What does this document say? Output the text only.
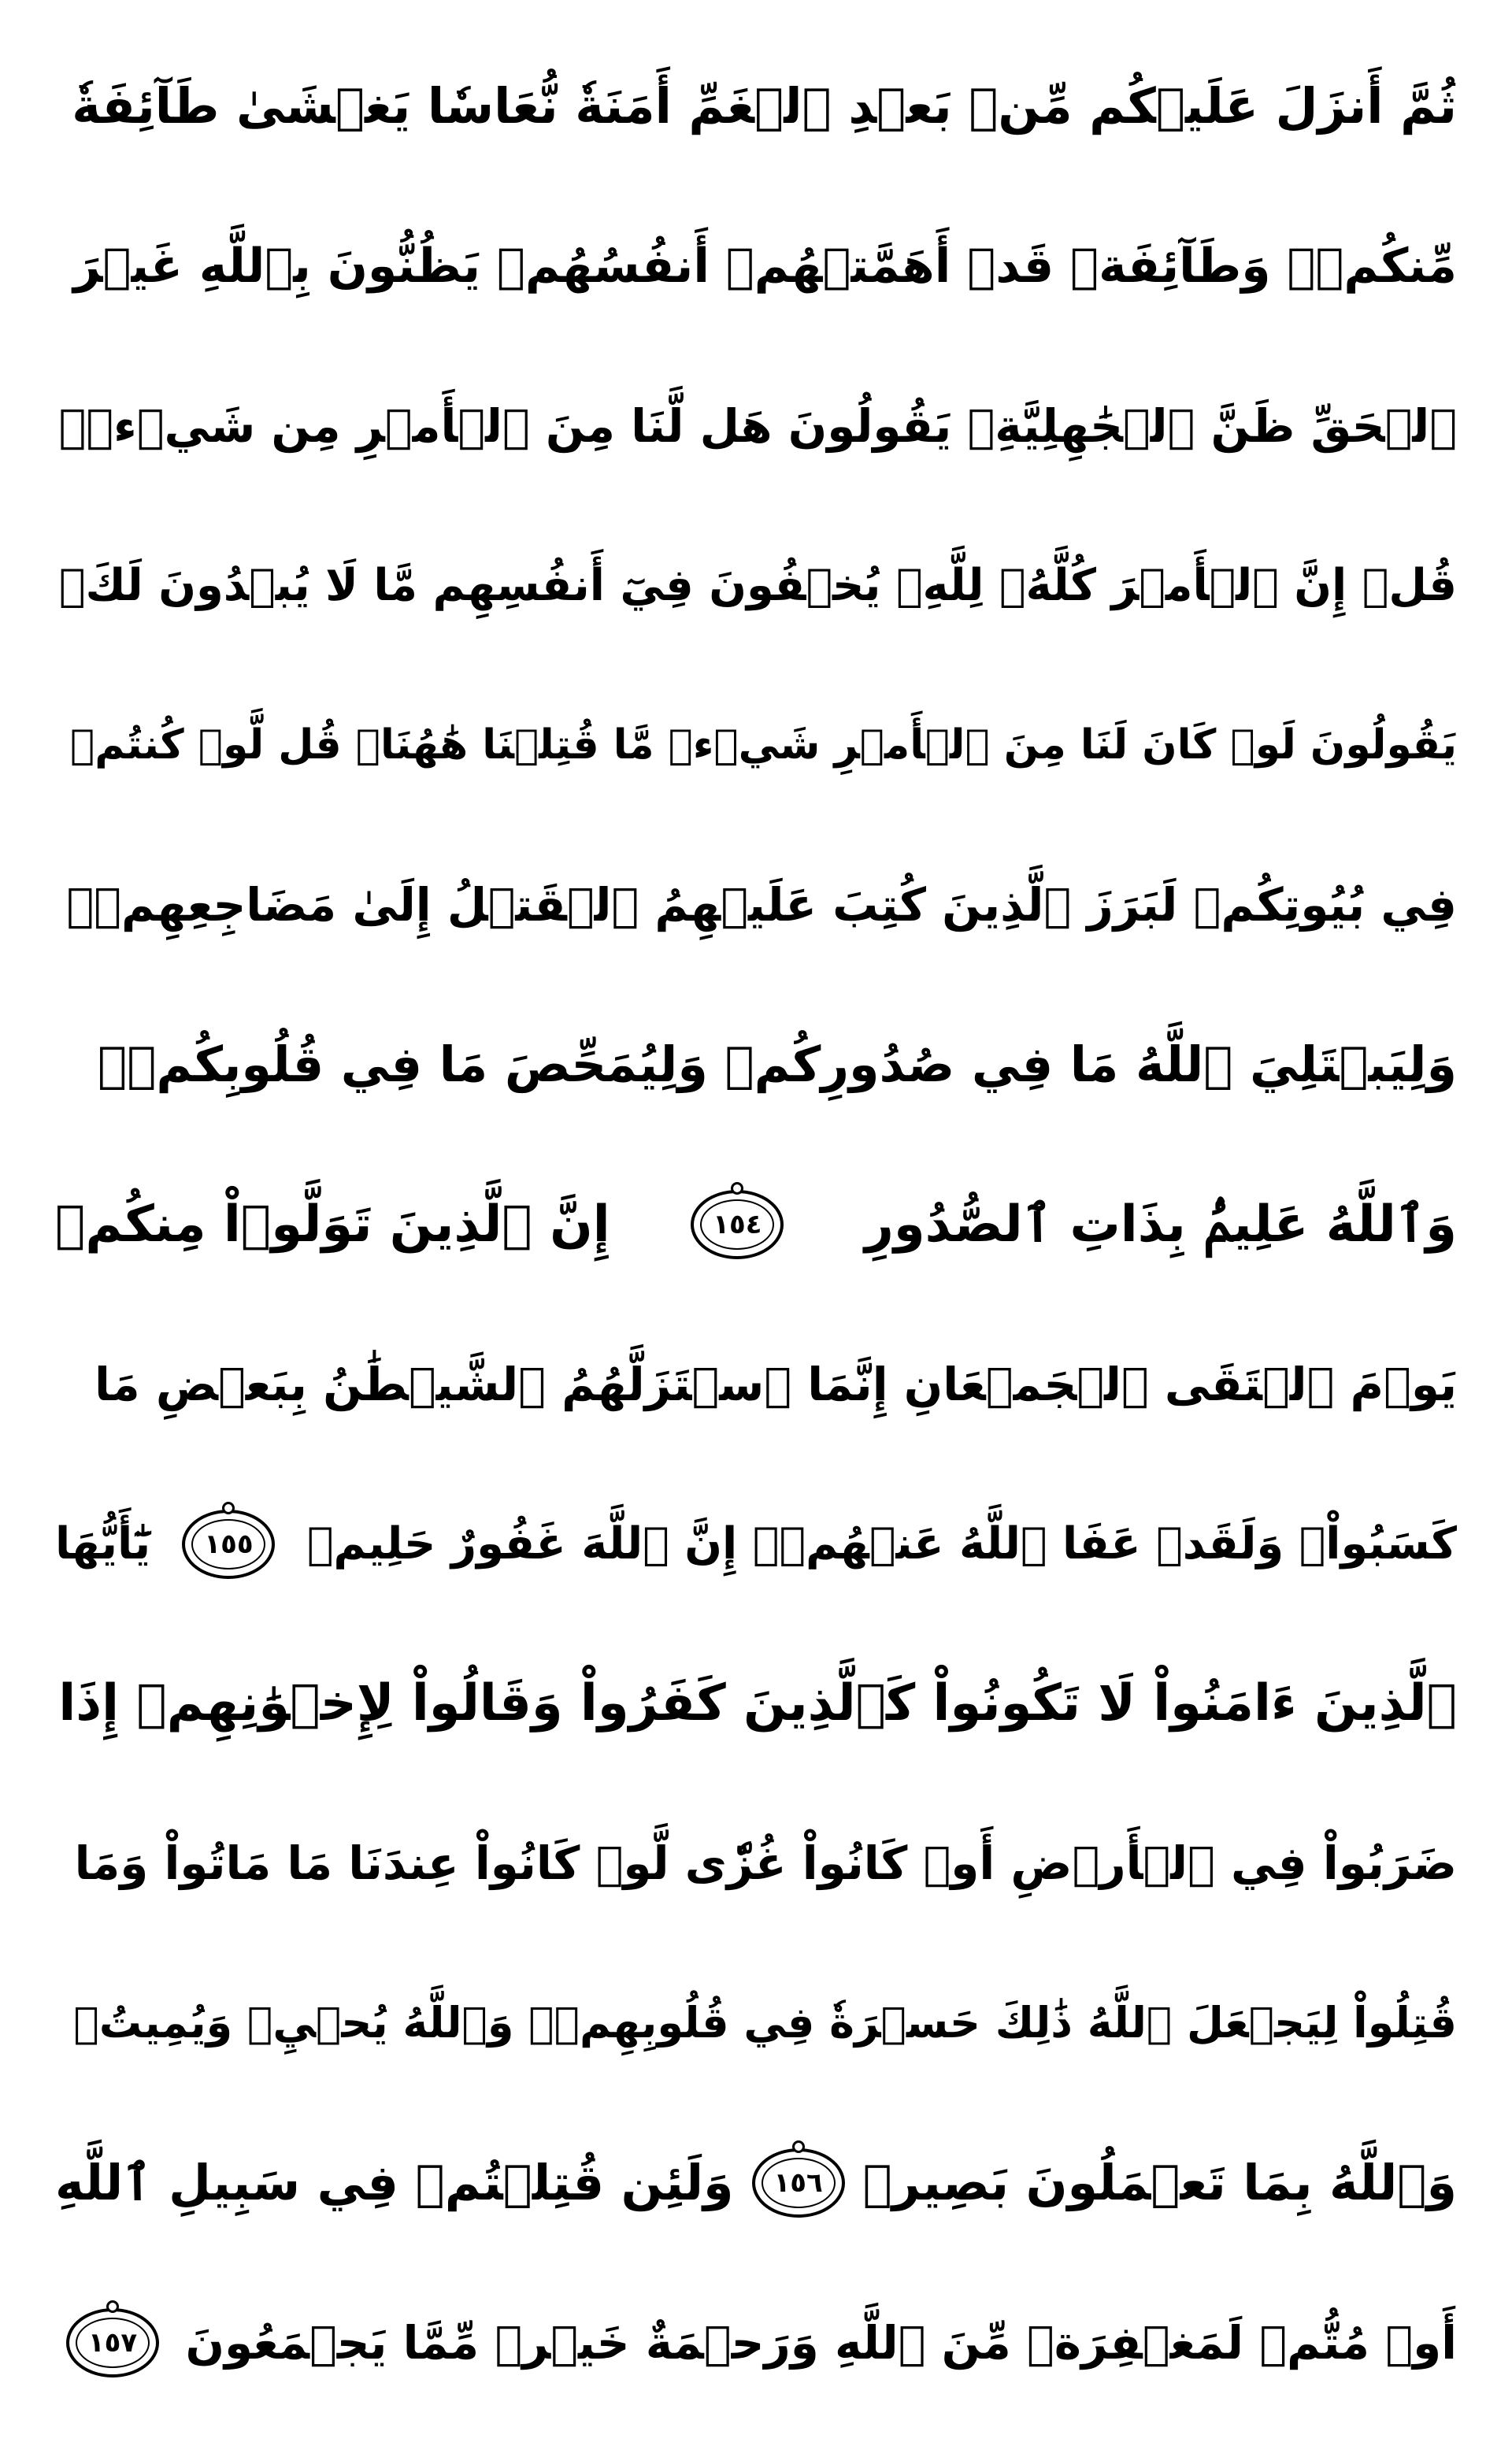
ثُمَّ أَنزَلَ عَلَيۡكُم مِّنۢ بَعۡدِ ٱلۡغَمِّ أَمَنَةٗ نُّعَاسٗا يَغۡشَىٰ طَآئِفَةٗ
مِّنكُمۡۖ وَطَآئِفَةٞ قَدۡ أَهَمَّتۡهُمۡ أَنفُسُهُمۡ يَظُنُّونَ بِٱللَّهِ غَيۡرَ
ٱلۡحَقِّ ظَنَّ ٱلۡجَٰهِلِيَّةِۖ يَقُولُونَ هَل لَّنَا مِنَ ٱلۡأَمۡرِ مِن شَيۡءٖۗ
قُلۡ إِنَّ ٱلۡأَمۡرَ كُلَّهُۥ لِلَّهِۗ يُخۡفُونَ فِيٓ أَنفُسِهِم مَّا لَا يُبۡدُونَ لَكَۖ
يَقُولُونَ لَوۡ كَانَ لَنَا مِنَ ٱلۡأَمۡرِ شَيۡءٞ مَّا قُتِلۡنَا هَٰهُنَاۗ قُل لَّوۡ كُنتُمۡ
فِي بُيُوتِكُمۡ لَبَرَزَ ٱلَّذِينَ كُتِبَ عَلَيۡهِمُ ٱلۡقَتۡلُ إِلَىٰ مَضَاجِعِهِمۡۖ
وَلِيَبۡتَلِيَ ٱللَّهُ مَا فِي صُدُورِكُمۡ وَلِيُمَحِّصَ مَا فِي قُلُوبِكُمۡۚ
وَٱللَّهُ عَلِيمُۢ بِذَاتِ ٱلصُّدُورِ
١٥٤
إِنَّ ٱلَّذِينَ تَوَلَّوۡاْ مِنكُمۡ
يَوۡمَ ٱلۡتَقَى ٱلۡجَمۡعَانِ إِنَّمَا ٱسۡتَزَلَّهُمُ ٱلشَّيۡطَٰنُ بِبَعۡضِ مَا
كَسَبُواْۖ وَلَقَدۡ عَفَا ٱللَّهُ عَنۡهُمۡۗ إِنَّ ٱللَّهَ غَفُورٌ حَلِيمٞ
١٥٥
يَٰٓأَيُّهَا
ٱلَّذِينَ ءَامَنُواْ لَا تَكُونُواْ كَٱلَّذِينَ كَفَرُواْ وَقَالُواْ لِإِخۡوَٰنِهِمۡ إِذَا
ضَرَبُواْ فِي ٱلۡأَرۡضِ أَوۡ كَانُواْ غُزّٗى لَّوۡ كَانُواْ عِندَنَا مَا مَاتُواْ وَمَا
قُتِلُواْ لِيَجۡعَلَ ٱللَّهُ ذَٰلِكَ حَسۡرَةٗ فِي قُلُوبِهِمۡۗ وَٱللَّهُ يُحۡيِۦ وَيُمِيتُۗ
وَٱللَّهُ بِمَا تَعۡمَلُونَ بَصِيرٞ
١٥٦
وَلَئِن قُتِلۡتُمۡ فِي سَبِيلِ ٱللَّهِ
أَوۡ مُتُّمۡ لَمَغۡفِرَةٞ مِّنَ ٱللَّهِ وَرَحۡمَةٌ خَيۡرٞ مِّمَّا يَجۡمَعُونَ
١٥٧
